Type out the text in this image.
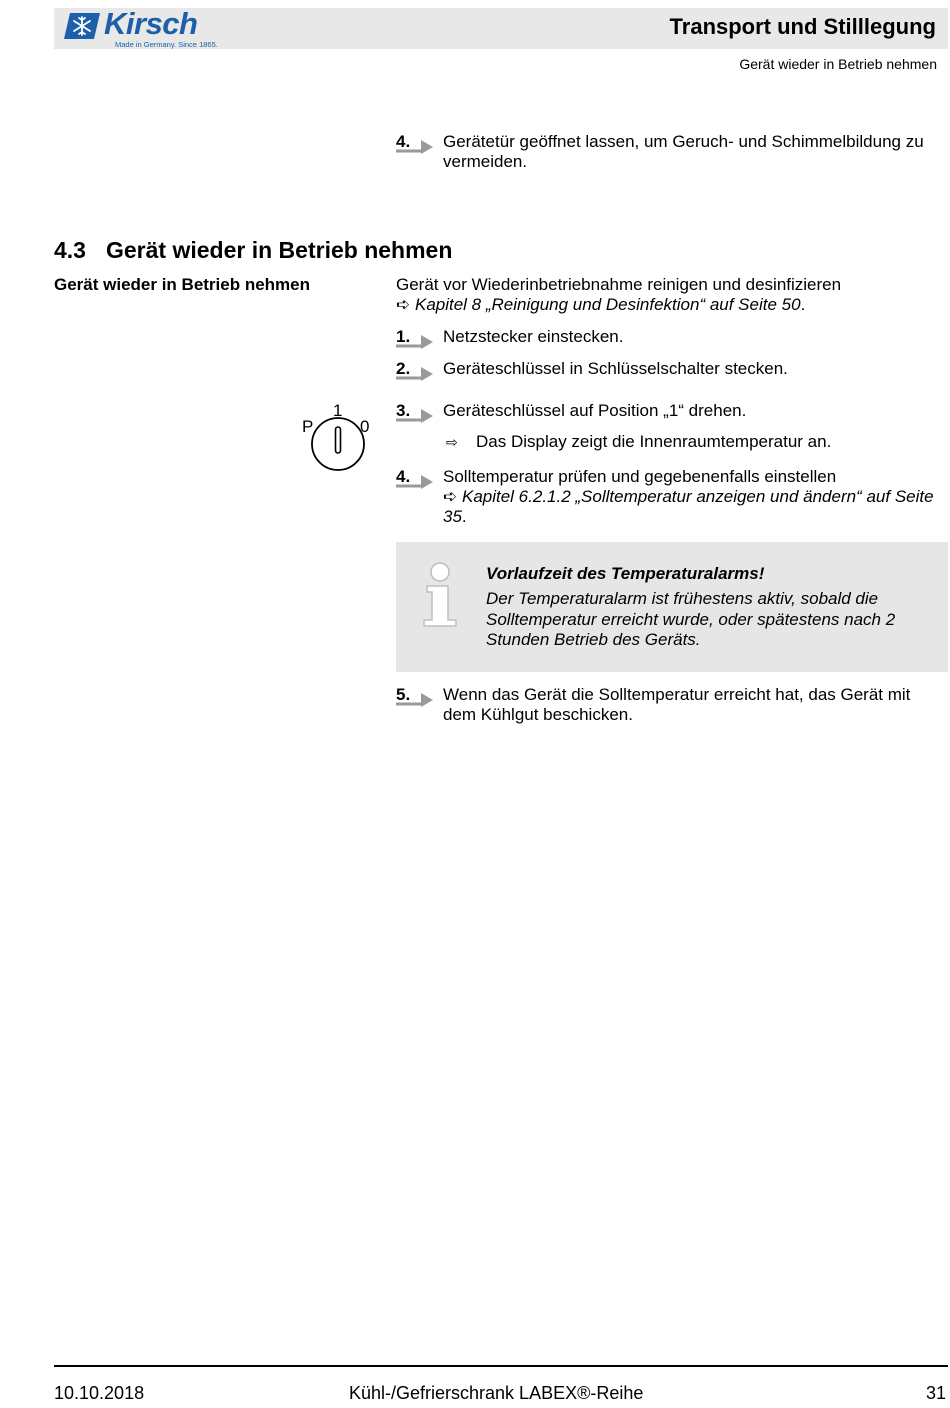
Kirsch
Made in Germany. Since 1865.
Transport und Stilllegung
Gerät wieder in Betrieb nehmen
4. Gerätetür geöffnet lassen, um Geruch- und Schimmelbildung zu vermeiden.
4.3 Gerät wieder in Betrieb nehmen
Gerät wieder in Betrieb nehmen	Gerät vor Wiederinbetriebnahme reinigen und desinfizieren
➪ Kapitel 8 „Reinigung und Desinfektion“ auf Seite 50.
1. Netzstecker einstecken.
2. Geräteschlüssel in Schlüsselschalter stecken.
P
1
0
3. Geräteschlüssel auf Position „1“ drehen.
⇨ Das Display zeigt die Innenraumtemperatur an.
4. Solltemperatur prüfen und gegebenenfalls einstellen
➪ Kapitel 6.2.1.2 „Solltemperatur anzeigen und ändern“ auf Seite 35.
Vorlaufzeit des Temperaturalarms!
Der Temperaturalarm ist frühestens aktiv, sobald die Solltemperatur erreicht wurde, oder spätestens nach 2 Stunden Betrieb des Geräts.
5. Wenn das Gerät die Solltemperatur erreicht hat, das Gerät mit dem Kühlgut beschicken.
10.10.2018	Kühl-/Gefrierschrank LABEX®-Reihe	31
